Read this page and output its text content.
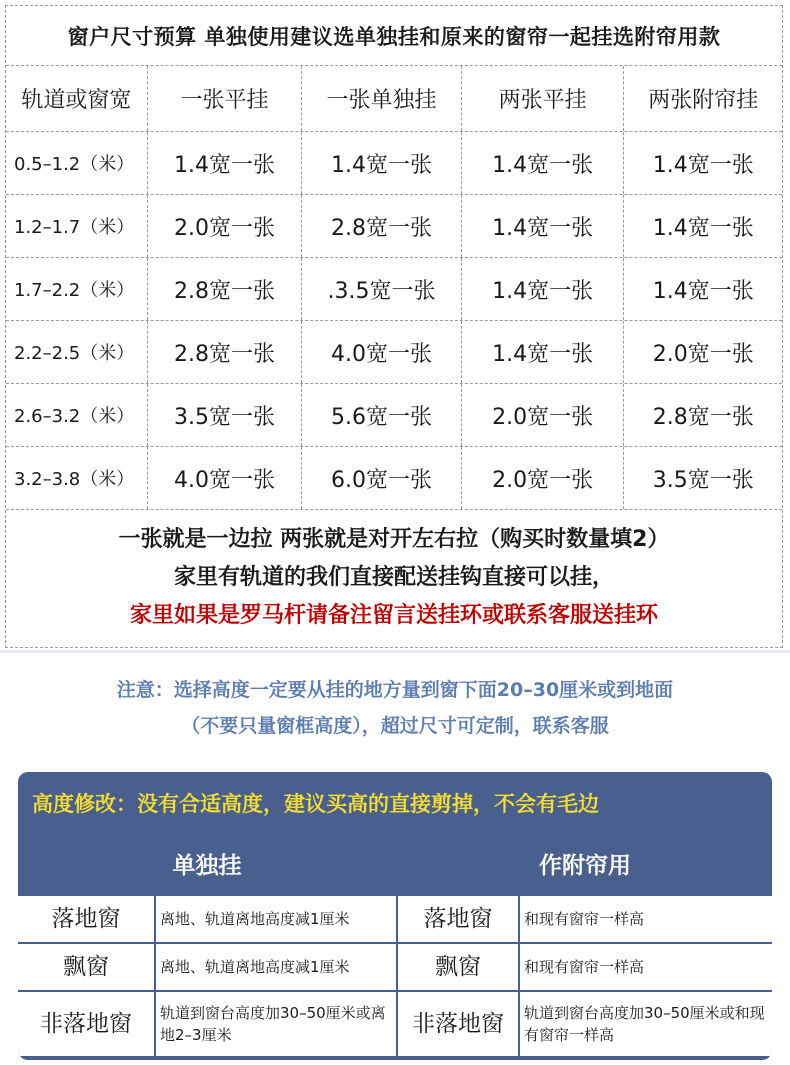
窗户尺寸预算 单独使用建议选单独挂和原来的窗帘一起挂选附帘用款
轨道或窗宽	一张平挂	一张单独挂	两张平挂	两张附帘挂
0.5–1.2（米）	1.4宽一张	1.4宽一张	1.4宽一张	1.4宽一张
1.2–1.7（米）	2.0宽一张	2.8宽一张	1.4宽一张	1.4宽一张
1.7–2.2（米）	2.8宽一张	.3.5宽一张	1.4宽一张	1.4宽一张
2.2–2.5（米）	2.8宽一张	4.0宽一张	1.4宽一张	2.0宽一张
2.6–3.2（米）	3.5宽一张	5.6宽一张	2.0宽一张	2.8宽一张
3.2–3.8（米）	4.0宽一张	6.0宽一张	2.0宽一张	3.5宽一张
一张就是一边拉 两张就是对开左右拉（购买时数量填2）
家里有轨道的我们直接配送挂钩直接可以挂，
家里如果是罗马杆请备注留言送挂环或联系客服送挂环
注意：选择高度一定要从挂的地方量到窗下面20–30厘米或到地面
（不要只量窗框高度），超过尺寸可定制，联系客服
高度修改：没有合适高度，建议买高的直接剪掉，不会有毛边
单独挂	作附帘用
落地窗	离地、轨道离地高度减1厘米	落地窗	和现有窗帘一样高
飘窗	离地、轨道离地高度减1厘米	飘窗	和现有窗帘一样高
非落地窗	轨道到窗台高度加30–50厘米或离地2–3厘米	非落地窗	轨道到窗台高度加30–50厘米或和现有窗帘一样高
